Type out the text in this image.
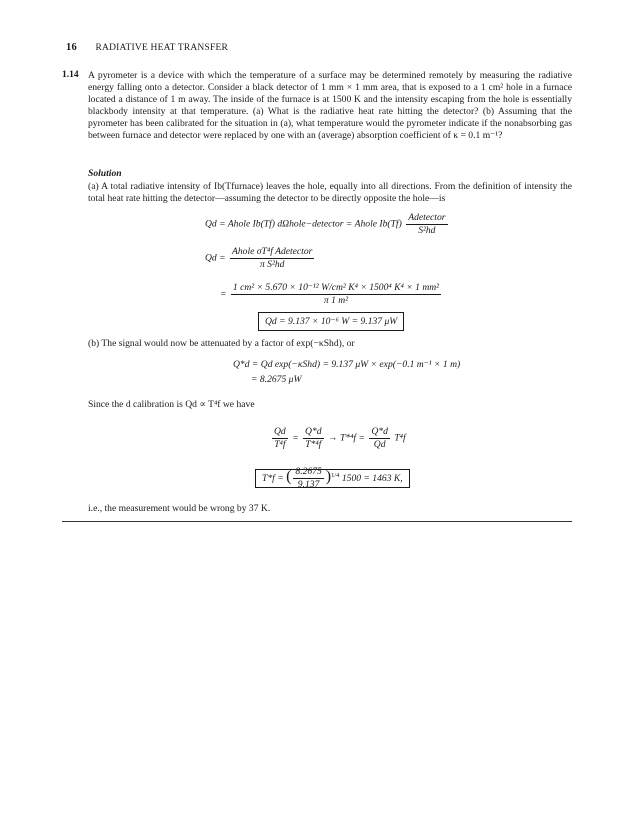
16 RADIATIVE HEAT TRANSFER
1.14 A pyrometer is a device with which the temperature of a surface may be determined remotely by measuring the radiative energy falling onto a detector. Consider a black detector of 1 mm × 1 mm area, that is exposed to a 1 cm² hole in a furnace located a distance of 1 m away. The inside of the furnace is at 1500 K and the intensity escaping from the hole is essentially blackbody intensity at that temperature. (a) What is the radiative heat rate hitting the detector? (b) Assuming that the pyrometer has been calibrated for the situation in (a), what temperature would the pyrometer indicate if the nonabsorbing gas between furnace and detector were replaced by one with an (average) absorption coefficient of κ = 0.1 m⁻¹?
Solution
(a) A total radiative intensity of Ib(Tfurnace) leaves the hole, equally into all directions. From the definition of intensity the total heat rate hitting the detector—assuming the detector to be directly opposite the hole—is
Qd = Ahole Ib(Tf) dΩhole−detector = Ahole $Ib(Tf) \frac{\text{Adetector}}{\text{S²hd}}$
$Qd = \frac{\text{Ahole σT⁴f Adetector}}{\text{π S²hd}}$
= $\frac{\text{1 cm² × 5.670 × 10⁻¹² W/cm² K⁴ × 1500⁴ K⁴ × 1 mm²}}{\text{π 1 m²}}$
Qd = 9.137 × 10⁻⁶ W = 9.137 μW
(b) The signal would now be attenuated by a factor of exp(−κShd), or
Q*d = Qd exp(−κShd) = 9.137 μW × exp(−0.1 m⁻¹ × 1 m)
= 8.2675 μW
Since the d calibration is Qd ∝ T⁴f we have
$\frac{Qd}{\text{T⁴f}} = \frac{Q*d}{\text{T*⁴f}} \to T*^4f = \frac{Q*d}{Qd} T^4f$
T*f = ( $\frac{8.2675}{9.137} )^{1/4}$ 1500 = 1463 K,
i.e., the measurement would be wrong by 37 K.
